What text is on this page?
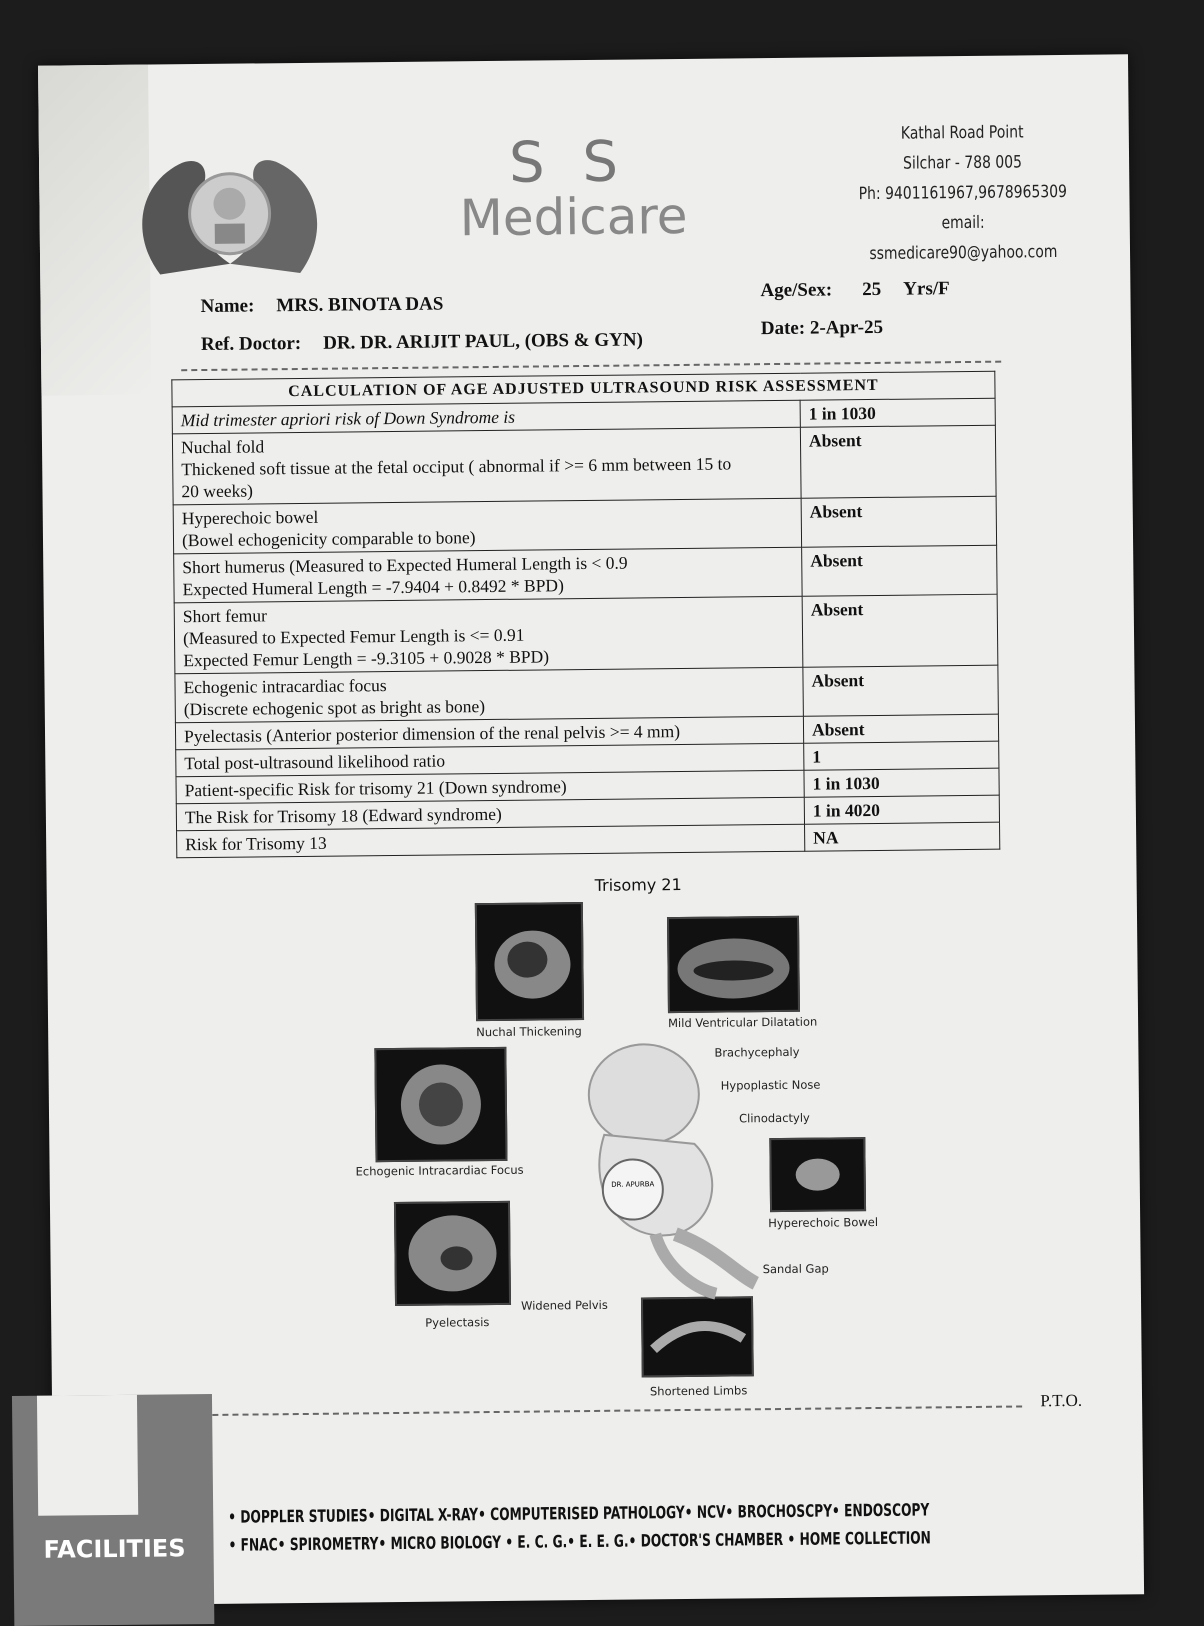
S S
Medicare
Kathal Road Point
Silchar - 788 005
Ph: 9401161967,9678965309
email: ssmedicare90@yahoo.com
Name: MRS. BINOTA DAS
Age/Sex: 25 Yrs/F
Ref. Doctor: DR. DR. ARIJIT PAUL, (OBS & GYN)
Date: 2-Apr-25
CALCULATION OF AGE ADJUSTED ULTRASOUND RISK ASSESSMENT	

Mid trimester apriori risk of Down Syndrome is	1 in 1030

Nuchal fold
Thickened soft tissue at the fetal occiput ( abnormal if >= 6 mm between 15 to
20 weeks)	Absent

Hyperechoic bowel
(Bowel echogenicity comparable to bone)	Absent

Short humerus (Measured to Expected Humeral Length is < 0.9
Expected Humeral Length = -7.9404 + 0.8492 * BPD)	Absent

Short femur
(Measured to Expected Femur Length is <= 0.91
Expected Femur Length = -9.3105 + 0.9028 * BPD)	Absent

Echogenic intracardiac focus
(Discrete echogenic spot as bright as bone)	Absent

Pyelectasis (Anterior posterior dimension of the renal pelvis >= 4 mm)	Absent

Total post-ultrasound likelihood ratio	1

Patient-specific Risk for trisomy 21 (Down syndrome)	1 in 1030

The Risk for Trisomy 18 (Edward syndrome)	1 in 4020

Risk for Trisomy 13	NA
Trisomy 21
Nuchal Thickening
Mild Ventricular Dilatation
Brachycephaly
Hypoplastic Nose
Clinodactyly
Echogenic Intracardiac Focus
Hyperechoic Bowel
Sandal Gap
Pyelectasis
Widened Pelvis
Shortened Limbs
DR. APURBA
P.T.O.
FACILITIES
• DOPPLER STUDIES• DIGITAL X-RAY• COMPUTERISED PATHOLOGY• NCV• BROCHOSCPY• ENDOSCOPY
• FNAC• SPIROMETRY• MICRO BIOLOGY • E. C. G.• E. E. G.• DOCTOR'S CHAMBER • HOME COLLECTION
